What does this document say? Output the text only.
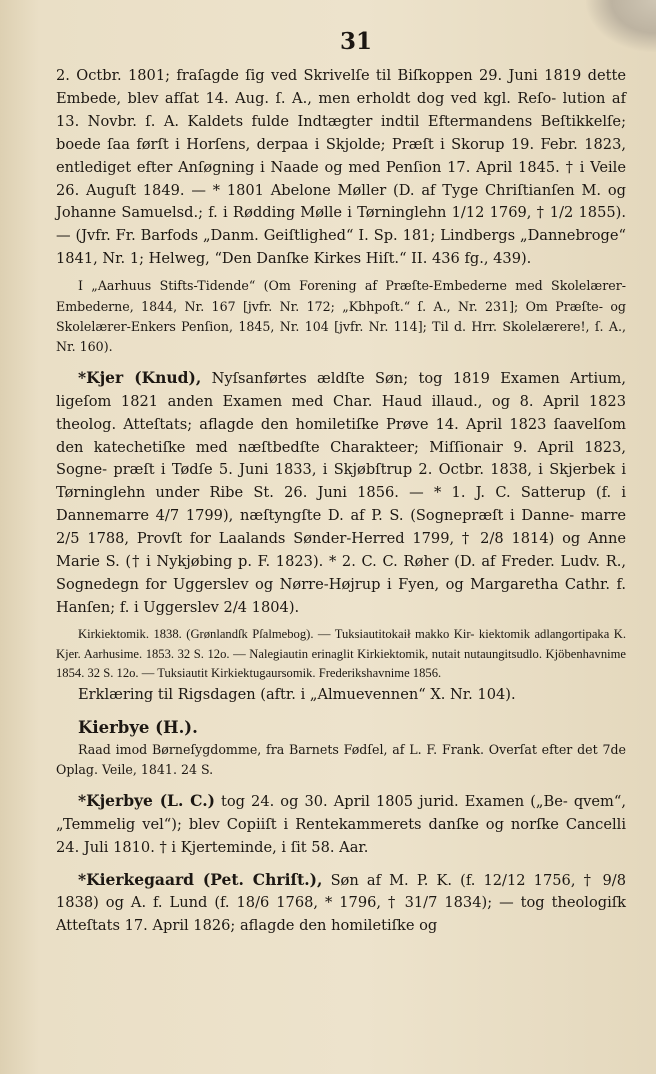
31

2. Octbr. 1801; fraſagde ſig ved Skrivelſe til Biſkoppen 29. Juni 1819 dette Embede, blev afſat 14. Aug. ſ. A., men erholdt dog ved kgl. Reſo- lution af 13. Novbr. ſ. A. Kaldets fulde Indtægter indtil Eftermandens Beſtikkelſe; boede ſaa førſt i Horſens, derpaa i Skjolde; Præſt i Skorup 19. Febr. 1823, entlediget efter Anſøgning i Naade og med Penſion 17. April 1845. † i Veile 26. Auguſt 1849. — * 1801 Abelone Møller (D. af Tyge Chriſtianſen M. og Johanne Samuelsd.; f. i Rødding Mølle i Tørninglehn 1/12 1769, † 1/2 1855). — (Jvfr. Fr. Barfods „Danm. Geiſtlighed“ I. Sp. 181; Lindbergs „Dannebroge“ 1841, Nr. 1; Helweg, “Den Danſke Kirkes Hiſt.“ II. 436 fg., 439).

I „Aarhuus Stifts-Tidende“ (Om Forening af Præſte-Embederne med Skolelærer-Embederne, 1844, Nr. 167 [jvfr. Nr. 172; „Kbhpoſt.“ ſ. A., Nr. 231]; Om Præſte- og Skolelærer-Enkers Penſion, 1845, Nr. 104 [jvfr. Nr. 114]; Til d. Hrr. Skolelærere!, ſ. A., Nr. 160).

*Kjer (Knud), Nyſsanførtes ældſte Søn; tog 1819 Examen Artium, ligeſom 1821 anden Examen med Char. Haud illaud., og 8. April 1823 theolog. Atteſtats; aflagde den homiletiſke Prøve 14. April 1823 ſaavelſom den katechetiſke med næſtbedſte Charakteer; Miſſionair 9. April 1823, Sogne- præſt i Tødſe 5. Juni 1833, i Skjøbſtrup 2. Octbr. 1838, i Skjerbek i Tørninglehn under Ribe St. 26. Juni 1856. — * 1. J. C. Satterup (f. i Dannemarre 4/7 1799), næſtyngſte D. af P. S. (Sognepræſt i Danne- marre 2/5 1788, Provſt for Laalands Sønder-Herred 1799, † 2/8 1814) og Anne Marie S. († i Nykjøbing p. F. 1823). * 2. C. C. Røher (D. af Freder. Ludv. R., Sognedegn for Uggerslev og Nørre-Højrup i Fyen, og Margaretha Cathr. f. Hanſen; f. i Uggerslev 2/4 1804).

Kirkiektomik. 1838. (Grønlandſk Pſalmebog). — Tuksiautitokaił makko Kir- kiektomik adlangortipaka K. Kjer. Aarhusime. 1853. 32 S. 12o. — Nalegiautin erinaglit Kirkiektomik, nutait nutaungitsudlo. Kjöbenhavnime 1854. 32 S. 12o. — Tuksiautit Kirkiektugaursomik. Frederikshavnime 1856.

Erklæring til Rigsdagen (aftr. i „Almuevennen“ X. Nr. 104).

Kierbye (H.).

Raad imod Børneſygdomme, fra Barnets Fødſel, af L. F. Frank. Overſat efter det 7de Oplag. Veile, 1841. 24 S.

*Kjerbye (L. C.) tog 24. og 30. April 1805 jurid. Examen („Be- qvem“, „Temmelig vel“); blev Copiiſt i Rentekammerets danſke og norſke Cancelli 24. Juli 1810. † i Kjerteminde, i ſit 58. Aar.

*Kierkegaard (Pet. Chriſt.), Søn af M. P. K. (f. 12/12 1756, † 9/8 1838) og A. f. Lund (f. 18/6 1768, * 1796, † 31/7 1834); — tog theologiſk Atteſtats 17. April 1826; aflagde den homiletiſke og
